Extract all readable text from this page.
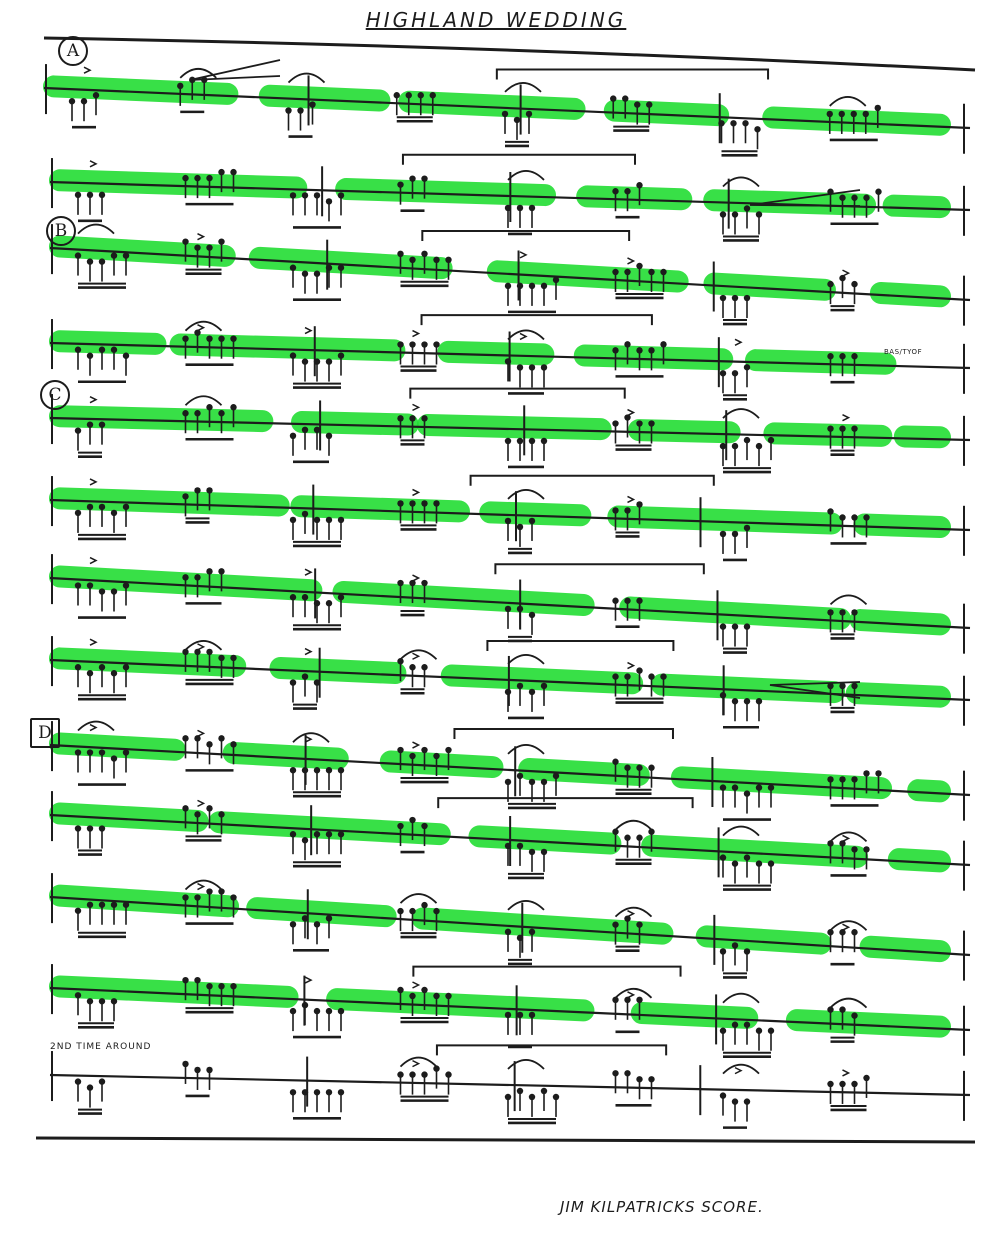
HIGHLAND WEDDING
A
B
C
D
BAS/TYOF
2ND TIME AROUND
JIM KILPATRICKS SCORE.
